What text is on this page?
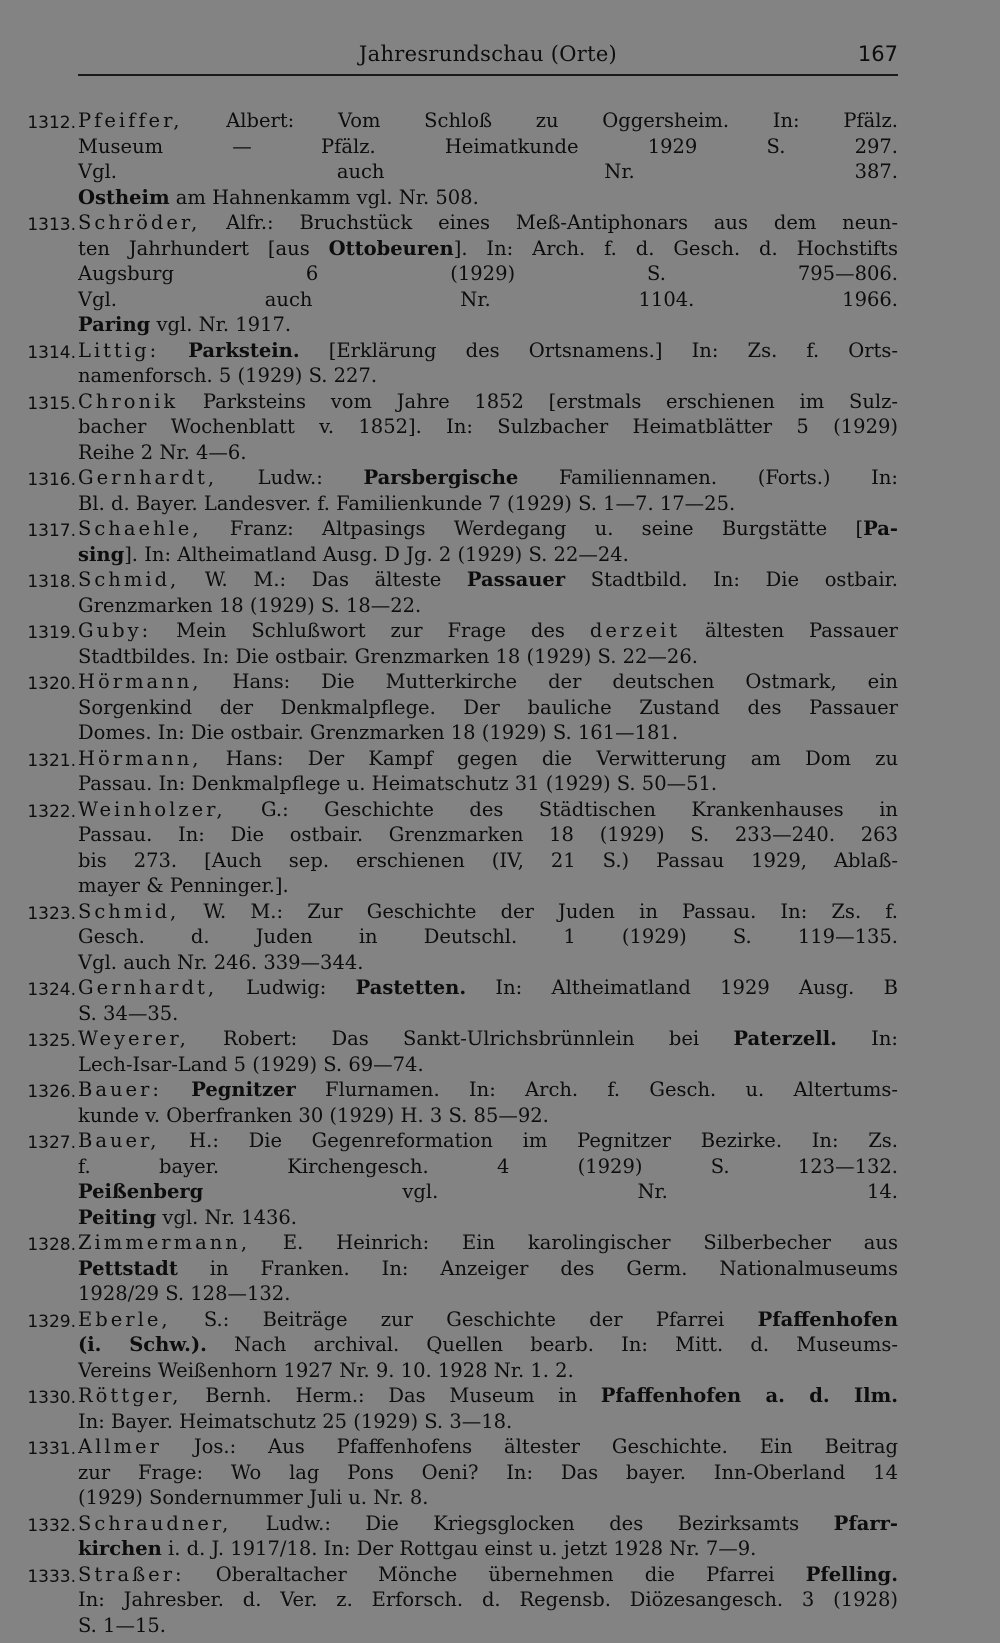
Jahresrundschau (Orte)	167
1312. Pfeiffer, Albert: Vom Schloß zu Oggersheim. In: Pfälz.
Museum — Pfälz. Heimatkunde 1929 S. 297.
Vgl. auch Nr. 387.
Ostheim am Hahnenkamm vgl. Nr. 508.
1313. Schröder, Alfr.: Bruchstück eines Meß-Antiphonars aus dem neun-
ten Jahrhundert [aus Ottobeuren]. In: Arch. f. d. Gesch. d. Hochstifts
Augsburg 6 (1929) S. 795—806.
Vgl. auch Nr. 1104. 1966.
Paring vgl. Nr. 1917.
1314. Littig: Parkstein. [Erklärung des Ortsnamens.] In: Zs. f. Orts-
namenforsch. 5 (1929) S. 227.
1315. Chronik Parksteins vom Jahre 1852 [erstmals erschienen im Sulz-
bacher Wochenblatt v. 1852]. In: Sulzbacher Heimatblätter 5 (1929)
Reihe 2 Nr. 4—6.
1316. Gernhardt, Ludw.: Parsbergische Familiennamen. (Forts.) In:
Bl. d. Bayer. Landesver. f. Familienkunde 7 (1929) S. 1—7. 17—25.
1317. Schaehle, Franz: Altpasings Werdegang u. seine Burgstätte [Pa-
sing]. In: Altheimatland Ausg. D Jg. 2 (1929) S. 22—24.
1318. Schmid, W. M.: Das älteste Passauer Stadtbild. In: Die ostbair.
Grenzmarken 18 (1929) S. 18—22.
1319. Guby: Mein Schlußwort zur Frage des derzeit ältesten Passauer
Stadtbildes. In: Die ostbair. Grenzmarken 18 (1929) S. 22—26.
1320. Hörmann, Hans: Die Mutterkirche der deutschen Ostmark, ein
Sorgenkind der Denkmalpflege. Der bauliche Zustand des Passauer
Domes. In: Die ostbair. Grenzmarken 18 (1929) S. 161—181.
1321. Hörmann, Hans: Der Kampf gegen die Verwitterung am Dom zu
Passau. In: Denkmalpflege u. Heimatschutz 31 (1929) S. 50—51.
1322. Weinholzer, G.: Geschichte des Städtischen Krankenhauses in
Passau. In: Die ostbair. Grenzmarken 18 (1929) S. 233—240. 263
bis 273. [Auch sep. erschienen (IV, 21 S.) Passau 1929, Ablaß-
mayer & Penninger.].
1323. Schmid, W. M.: Zur Geschichte der Juden in Passau. In: Zs. f.
Gesch. d. Juden in Deutschl. 1 (1929) S. 119—135.
Vgl. auch Nr. 246. 339—344.
1324. Gernhardt, Ludwig: Pastetten. In: Altheimatland 1929 Ausg. B
S. 34—35.
1325. Weyerer, Robert: Das Sankt-Ulrichsbrünnlein bei Paterzell. In:
Lech-Isar-Land 5 (1929) S. 69—74.
1326. Bauer: Pegnitzer Flurnamen. In: Arch. f. Gesch. u. Altertums-
kunde v. Oberfranken 30 (1929) H. 3 S. 85—92.
1327. Bauer, H.: Die Gegenreformation im Pegnitzer Bezirke. In: Zs.
f. bayer. Kirchengesch. 4 (1929) S. 123—132.
Peißenberg vgl. Nr. 14.
Peiting vgl. Nr. 1436.
1328. Zimmermann, E. Heinrich: Ein karolingischer Silberbecher aus
Pettstadt in Franken. In: Anzeiger des Germ. Nationalmuseums
1928/29 S. 128—132.
1329. Eberle, S.: Beiträge zur Geschichte der Pfarrei Pfaffenhofen
(i. Schw.). Nach archival. Quellen bearb. In: Mitt. d. Museums-
Vereins Weißenhorn 1927 Nr. 9. 10. 1928 Nr. 1. 2.
1330. Röttger, Bernh. Herm.: Das Museum in Pfaffenhofen a. d. Ilm.
In: Bayer. Heimatschutz 25 (1929) S. 3—18.
1331. Allmer Jos.: Aus Pfaffenhofens ältester Geschichte. Ein Beitrag
zur Frage: Wo lag Pons Oeni? In: Das bayer. Inn-Oberland 14
(1929) Sondernummer Juli u. Nr. 8.
1332. Schraudner, Ludw.: Die Kriegsglocken des Bezirksamts Pfarr-
kirchen i. d. J. 1917/18. In: Der Rottgau einst u. jetzt 1928 Nr. 7—9.
1333. Straßer: Oberaltacher Mönche übernehmen die Pfarrei Pfelling.
In: Jahresber. d. Ver. z. Erforsch. d. Regensb. Diözesangesch. 3 (1928)
S. 1—15.
